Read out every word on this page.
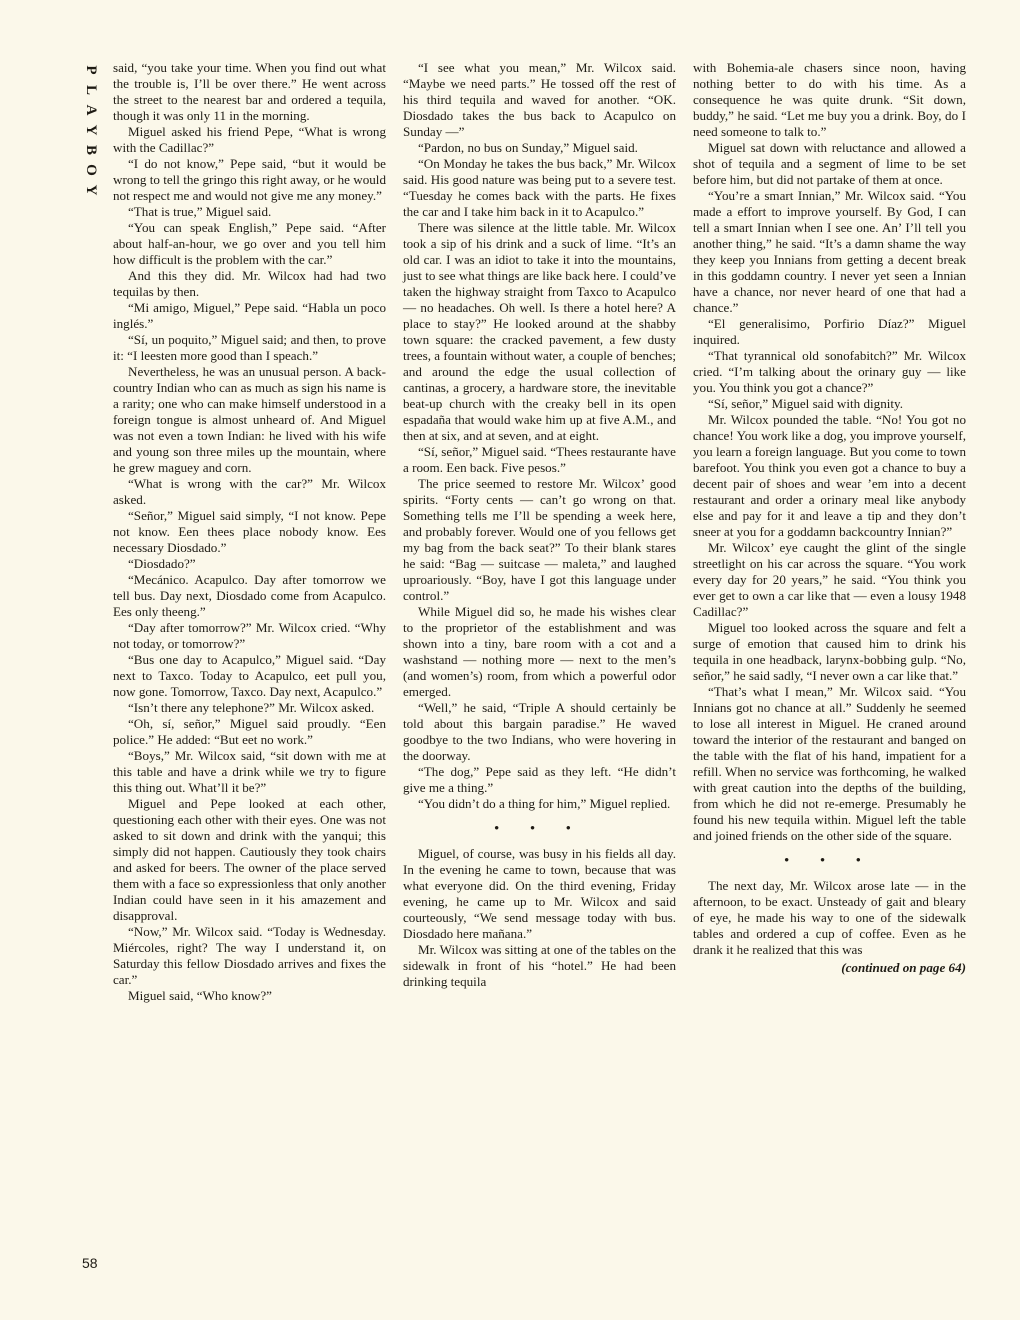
P
L
A
Y
B
O
Y
58

said, “you take your time. When you find out what the trouble is, I’ll be over there.” He went across the street to the nearest bar and ordered a tequila, though it was only 11 in the morning.

Miguel asked his friend Pepe, “What is wrong with the Cadillac?”

“I do not know,” Pepe said, “but it would be wrong to tell the gringo this right away, or he would not respect me and would not give me any money.”

“That is true,” Miguel said.

“You can speak English,” Pepe said. “After about half-an-hour, we go over and you tell him how difficult is the problem with the car.”

And this they did. Mr. Wilcox had had two tequilas by then.

“Mi amigo, Miguel,” Pepe said. “Habla un poco inglés.”

“Sí, un poquito,” Miguel said; and then, to prove it: “I leesten more good than I speach.”

Nevertheless, he was an unusual person. A back-country Indian who can as much as sign his name is a rarity; one who can make himself understood in a foreign tongue is almost unheard of. And Miguel was not even a town Indian: he lived with his wife and young son three miles up the mountain, where he grew maguey and corn.

“What is wrong with the car?” Mr. Wilcox asked.

“Señor,” Miguel said simply, “I not know. Pepe not know. Een thees place nobody know. Ees necessary Diosdado.”

“Diosdado?”

“Mecánico. Acapulco. Day after tomorrow we tell bus. Day next, Diosdado come from Acapulco. Ees only theeng.”

“Day after tomorrow?” Mr. Wilcox cried. “Why not today, or tomorrow?”

“Bus one day to Acapulco,” Miguel said. “Day next to Taxco. Today to Acapulco, eet pull you, now gone. Tomorrow, Taxco. Day next, Acapulco.”

“Isn’t there any telephone?” Mr. Wilcox asked.

“Oh, sí, señor,” Miguel said proudly. “Een police.” He added: “But eet no work.”

“Boys,” Mr. Wilcox said, “sit down with me at this table and have a drink while we try to figure this thing out. What’ll it be?”

Miguel and Pepe looked at each other, questioning each other with their eyes. One was not asked to sit down and drink with the yanqui; this simply did not happen. Cautiously they took chairs and asked for beers. The owner of the place served them with a face so expressionless that only another Indian could have seen in it his amazement and disapproval.

“Now,” Mr. Wilcox said. “Today is Wednesday. Miércoles, right? The way I understand it, on Saturday this fellow Diosdado arrives and fixes the car.”

Miguel said, “Who know?”

“I see what you mean,” Mr. Wilcox said. “Maybe we need parts.” He tossed off the rest of his third tequila and waved for another. “OK. Diosdado takes the bus back to Acapulco on Sunday —”

“Pardon, no bus on Sunday,” Miguel said.

“On Monday he takes the bus back,” Mr. Wilcox said. His good nature was being put to a severe test. “Tuesday he comes back with the parts. He fixes the car and I take him back in it to Acapulco.”

There was silence at the little table. Mr. Wilcox took a sip of his drink and a suck of lime. “It’s an old car. I was an idiot to take it into the mountains, just to see what things are like back here. I could’ve taken the highway straight from Taxco to Acapulco — no headaches. Oh well. Is there a hotel here? A place to stay?” He looked around at the shabby town square: the cracked pavement, a few dusty trees, a fountain without water, a couple of benches; and around the edge the usual collection of cantinas, a grocery, a hardware store, the inevitable beat-up church with the creaky bell in its open espadaña that would wake him up at five A.M., and then at six, and at seven, and at eight.

“Sí, señor,” Miguel said. “Thees restaurante have a room. Een back. Five pesos.”

The price seemed to restore Mr. Wilcox’ good spirits. “Forty cents — can’t go wrong on that. Something tells me I’ll be spending a week here, and probably forever. Would one of you fellows get my bag from the back seat?” To their blank stares he said: “Bag — suitcase — maleta,” and laughed uproariously. “Boy, have I got this language under control.”

While Miguel did so, he made his wishes clear to the proprietor of the establishment and was shown into a tiny, bare room with a cot and a washstand — nothing more — next to the men’s (and women’s) room, from which a powerful odor emerged.

“Well,” he said, “Triple A should certainly be told about this bargain paradise.” He waved goodbye to the two Indians, who were hovering in the doorway.

“The dog,” Pepe said as they left. “He didn’t give me a thing.”

“You didn’t do a thing for him,” Miguel replied.

• • •

Miguel, of course, was busy in his fields all day. In the evening he came to town, because that was what everyone did. On the third evening, Friday evening, he came up to Mr. Wilcox and said courteously, “We send message today with bus. Diosdado here mañana.”

Mr. Wilcox was sitting at one of the tables on the sidewalk in front of his “hotel.” He had been drinking tequila

with Bohemia-ale chasers since noon, having nothing better to do with his time. As a consequence he was quite drunk. “Sit down, buddy,” he said. “Let me buy you a drink. Boy, do I need someone to talk to.”

Miguel sat down with reluctance and allowed a shot of tequila and a segment of lime to be set before him, but did not partake of them at once.

“You’re a smart Innian,” Mr. Wilcox said. “You made a effort to improve yourself. By God, I can tell a smart Innian when I see one. An’ I’ll tell you another thing,” he said. “It’s a damn shame the way they keep you Innians from getting a decent break in this goddamn country. I never yet seen a Innian have a chance, nor never heard of one that had a chance.”

“El generalisimo, Porfirio Díaz?” Miguel inquired.

“That tyrannical old sonofabitch?” Mr. Wilcox cried. “I’m talking about the orinary guy — like you. You think you got a chance?”

“Sí, señor,” Miguel said with dignity.

Mr. Wilcox pounded the table. “No! You got no chance! You work like a dog, you improve yourself, you learn a foreign language. But you come to town barefoot. You think you even got a chance to buy a decent pair of shoes and wear ’em into a decent restaurant and order a orinary meal like anybody else and pay for it and leave a tip and they don’t sneer at you for a goddamn backcountry Innian?”

Mr. Wilcox’ eye caught the glint of the single streetlight on his car across the square. “You work every day for 20 years,” he said. “You think you ever get to own a car like that — even a lousy 1948 Cadillac?”

Miguel too looked across the square and felt a surge of emotion that caused him to drink his tequila in one headback, larynx-bobbing gulp. “No, señor,” he said sadly, “I never own a car like that.”

“That’s what I mean,” Mr. Wilcox said. “You Innians got no chance at all.” Suddenly he seemed to lose all interest in Miguel. He craned around toward the interior of the restaurant and banged on the table with the flat of his hand, impatient for a refill. When no service was forthcoming, he walked with great caution into the depths of the building, from which he did not re-emerge. Presumably he found his new tequila within. Miguel left the table and joined friends on the other side of the square.

• • •

The next day, Mr. Wilcox arose late — in the afternoon, to be exact. Unsteady of gait and bleary of eye, he made his way to one of the sidewalk tables and ordered a cup of coffee. Even as he drank it he realized that this was

(continued on page 64)
